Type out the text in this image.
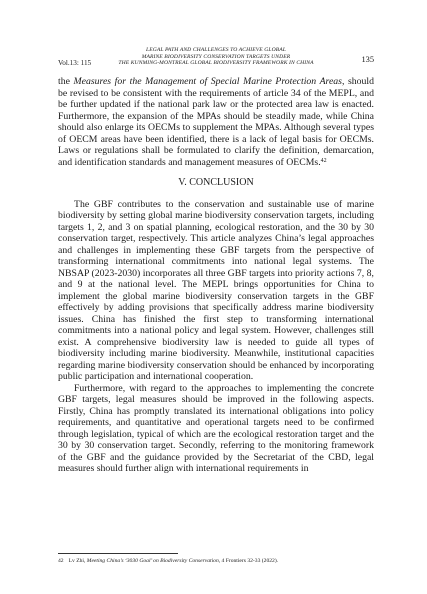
Vol.13: 115
LEGAL PATH AND CHALLENGES TO ACHIEVE GLOBAL
MARINE BIODIVERSITY CONSERVATION TARGETS UNDER
THE KUNMING-MONTREAL GLOBAL BIODIVERSITY FRAMEWORK IN CHINA	135

the Measures for the Management of Special Marine Protection Areas, should be revised to be consistent with the requirements of article 34 of the MEPL, and be further updated if the national park law or the protected area law is enacted. Furthermore, the expansion of the MPAs should be steadily made, while China should also enlarge its OECMs to supplement the MPAs. Although several types of OECM areas have been identified, there is a lack of legal basis for OECMs. Laws or regulations shall be formulated to clarify the definition, demarcation, and identification standards and management measures of OECMs.$^{42}$

V. CONCLUSION

The GBF contributes to the conservation and sustainable use of marine biodiversity by setting global marine biodiversity conservation targets, including targets 1, 2, and 3 on spatial planning, ecological restoration, and the 30 by 30 conservation target, respectively. This article analyzes China’s legal approaches and challenges in implementing these GBF targets from the perspective of transforming international commitments into national legal systems. The NBSAP (2023-2030) incorporates all three GBF targets into priority actions 7, 8, and 9 at the national level. The MEPL brings opportunities for China to implement the global marine biodiversity conservation targets in the GBF effectively by adding provisions that specifically address marine biodiversity issues. China has finished the first step to transforming international commitments into a national policy and legal system. However, challenges still exist. A comprehensive biodiversity law is needed to guide all types of biodiversity including marine biodiversity. Meanwhile, institutional capacities regarding marine biodiversity conservation should be enhanced by incorporating public participation and international cooperation.

Furthermore, with regard to the approaches to implementing the concrete GBF targets, legal measures should be improved in the following aspects. Firstly, China has promptly translated its international obligations into policy requirements, and quantitative and operational targets need to be confirmed through legislation, typical of which are the ecological restoration target and the 30 by 30 conservation target. Secondly, referring to the monitoring framework of the GBF and the guidance provided by the Secretariat of the CBD, legal measures should further align with international requirements in

42 Lv Zhi, Meeting China’s ‘3030 Goal’ on Biodiversity Conservation, 4 Frontiers 32-33 (2022).
